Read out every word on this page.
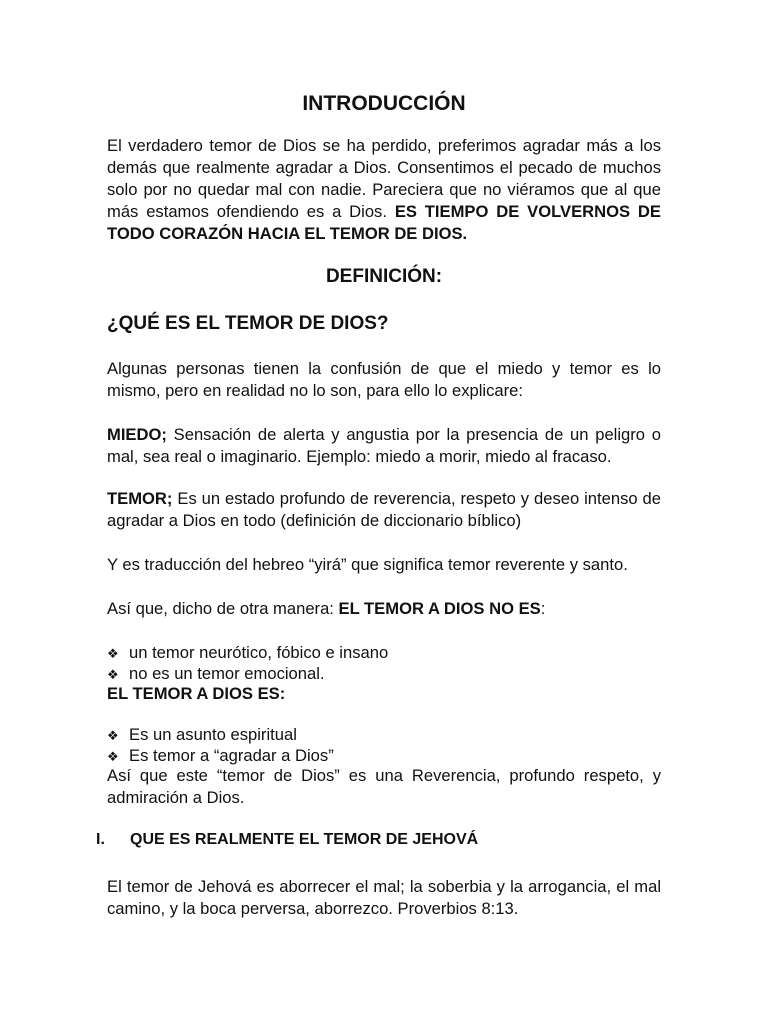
INTRODUCCIÓN

El verdadero temor de Dios se ha perdido, preferimos agradar más a los demás que realmente agradar a Dios. Consentimos el pecado de muchos solo por no quedar mal con nadie. Pareciera que no viéramos que al que más estamos ofendiendo es a Dios. ES TIEMPO DE VOLVERNOS DE TODO CORAZÓN HACIA EL TEMOR DE DIOS.

DEFINICIÓN:
¿QUÉ ES EL TEMOR DE DIOS?

Algunas personas tienen la confusión de que el miedo y temor es lo mismo, pero en realidad no lo son, para ello lo explicare:

MIEDO; Sensación de alerta y angustia por la presencia de un peligro o mal, sea real o imaginario. Ejemplo: miedo a morir, miedo al fracaso.

TEMOR; Es un estado profundo de reverencia, respeto y deseo intenso de agradar a Dios en todo (definición de diccionario bíblico)

Y es traducción del hebreo “yirá” que significa temor reverente y santo.

Así que, dicho de otra manera: EL TEMOR A DIOS NO ES:

❖ un temor neurótico, fóbico e insano
❖ no es un temor emocional.

EL TEMOR A DIOS ES:

❖ Es un asunto espiritual
❖ Es temor a “agradar a Dios”

Así que este “temor de Dios” es una Reverencia, profundo respeto, y admiración a Dios.

I.	QUE ES REALMENTE EL TEMOR DE JEHOVÁ

El temor de Jehová es aborrecer el mal; la soberbia y la arrogancia, el mal camino, y la boca perversa, aborrezco. Proverbios 8:13.
